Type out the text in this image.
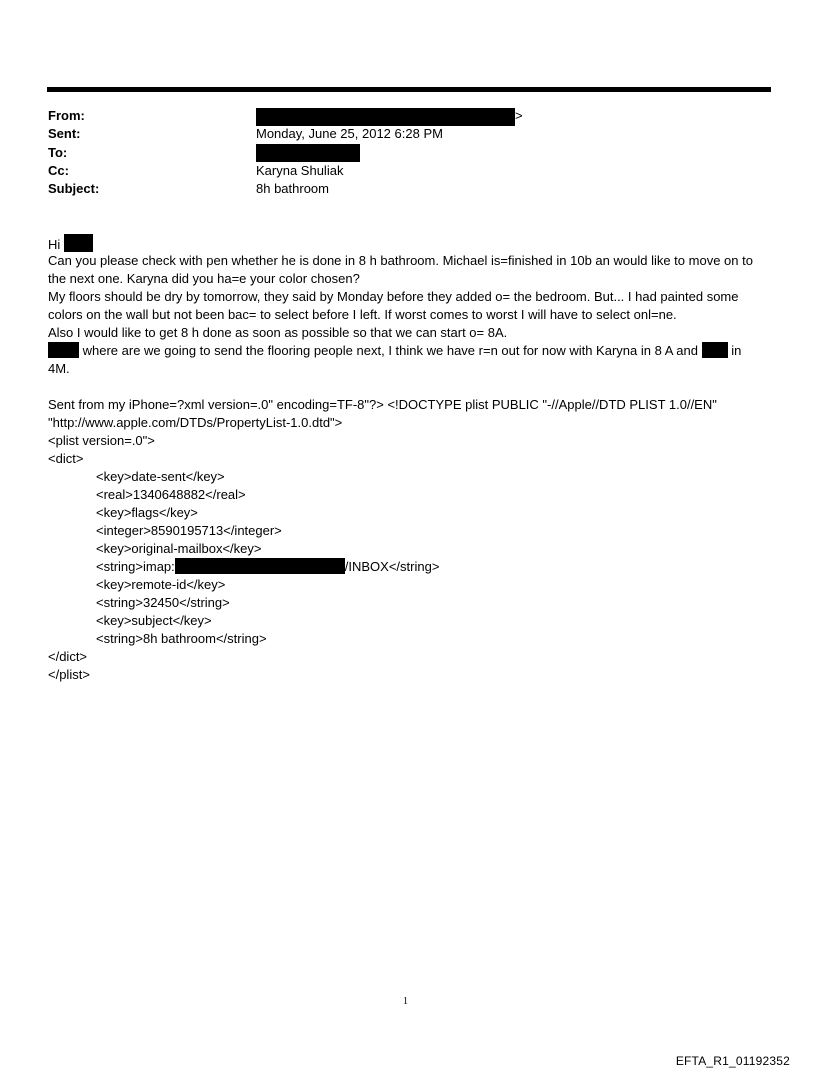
From:	>
Sent:	Monday, June 25, 2012 6:28 PM
To:
Cc:	Karyna Shuliak
Subject:	8h bathroom
Hi
Can you please check with pen whether he is done in 8 h bathroom. Michael is=finished in 10b an would like to move on to the next one. Karyna did you ha=e your color chosen?
My floors should be dry by tomorrow, they said by Monday before they added o= the bedroom. But... I had painted some colors on the wall but not been bac= to select before I left. If worst comes to worst I will have to select onl=ne.
Also I would like to get 8 h done as soon as possible so that we can start o= 8A.
where are we going to send the flooring people next, I think we have r=n out for now with Karyna in 8 A and  in
4M.
Sent from my iPhone=?xml version=.0" encoding=TF-8"?> <!DOCTYPE plist PUBLIC "-//Apple//DTD PLIST 1.0//EN"
"http://www.apple.com/DTDs/PropertyList-1.0.dtd">
<plist version=.0">
<dict>
<key>date-sent</key>
<real>1340648882</real>
<key>flags</key>
<integer>8590195713</integer>
<key>original-mailbox</key>
<string>imap:	/INBOX</string>
<key>remote-id</key>
<string>32450</string>
<key>subject</key>
<string>8h bathroom</string>
</dict>
</plist>
1
EFTA_R1_01192352
